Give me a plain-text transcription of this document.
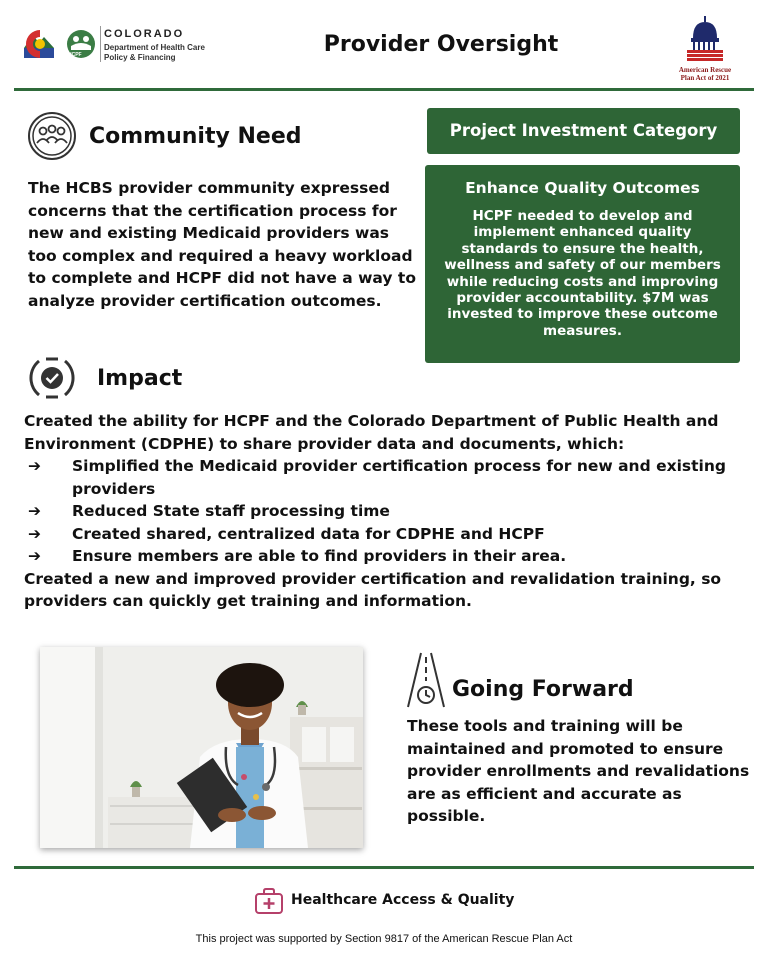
HCPF
COLORADO
Department of Health Care
Policy & Financing
Provider Oversight
American Rescue
Plan Act of 2021
Community Need
The HCBS provider community expressed concerns that the certification process for new and existing Medicaid providers was too complex and required a heavy workload to complete and HCPF did not have a way to analyze provider certification outcomes.
Project Investment Category
Enhance Quality Outcomes
HCPF needed to develop and implement enhanced quality standards to ensure the health, wellness and safety of our members while reducing costs and improving provider accountability. $7M was invested to improve these outcome measures.
Impact
Created the ability for HCPF and the Colorado Department of Public Health and Environment (CDPHE) to share provider data and documents, which:
➔ Simplified the Medicaid provider certification process for new and existing providers
➔ Reduced State staff processing time
➔ Created shared, centralized data for CDPHE and HCPF
➔ Ensure members are able to find providers in their area.
Created a new and improved provider certification and revalidation training, so providers can quickly get training and information.
Going Forward
These tools and training will be maintained and promoted to ensure provider enrollments and revalidations are as efficient and accurate as possible.
Healthcare Access & Quality
This project was supported by Section 9817 of the American Rescue Plan Act
